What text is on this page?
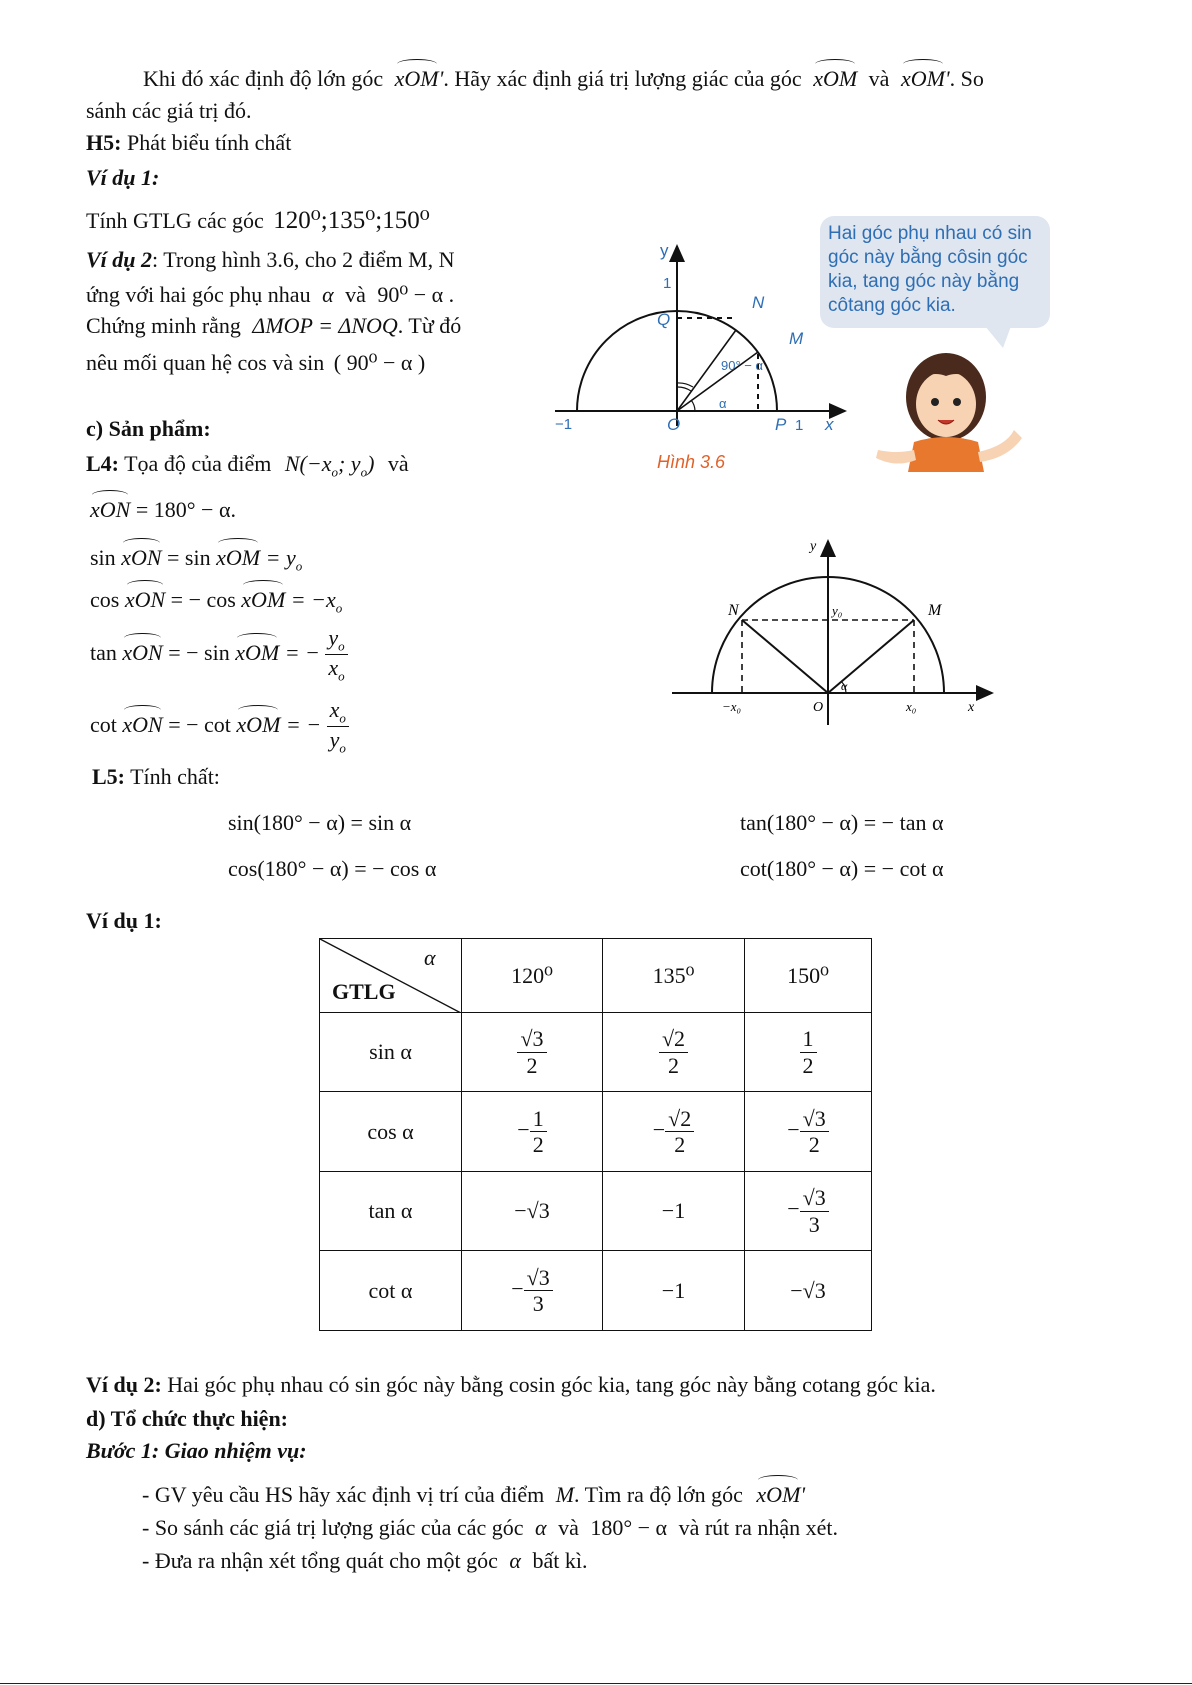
Khi đó xác định độ lớn góc xOM'. Hãy xác định giá trị lượng giác của góc xOM và xOM'. So
sánh các giá trị đó.
H5: Phát biểu tính chất
Ví dụ 1:
Tính GTLG các góc 120⁰;135⁰;150⁰
Ví dụ 2: Trong hình 3.6, cho 2 điểm M, N
ứng với hai góc phụ nhau α và 90⁰ − α .
Chứng minh rằng ΔMOP = ΔNOQ. Từ đó
nêu mối quan hệ cos và sin ( 90⁰ − α )
y
1
Q
N
M
90° − α
α
−1	O	P 1 x
Hình 3.6
Hai góc phụ nhau có sin góc này bằng côsin góc kia, tang góc này bằng côtang góc kia.
c) Sản phẩm:
L4: Tọa độ của điểm $N(-x_o$; $y_o$) và
xON = 180° − α.
sin xON = sin xOM = $y_o$
cos xON = − cos xOM = $-x_o$
tan xON = − sin xOM = − $\frac{y_o}{x_o}$
cot xON = − cot xOM = − $\frac{x_o}{y_o}$
y
N	M
y₀
α
−x₀	O	x₀	x
L5: Tính chất:
sin(180° − α) = sin α
cos(180° − α) = − cos α
tan(180° − α) = − tan α
cot(180° − α) = − cot α
Ví dụ 1:
α
GTLG	120⁰	135⁰	150⁰
sin α	$\frac{√3}{2}$	$\frac{√2}{2}$	$\frac{1}{2}$

cos α	− $\frac{1}{2}$	− $\frac{√2}{2}$	− $\frac{√3}{2}$

tan α	−√3	−1	− $\frac{√3}{3}$

cot α	− $\frac{√3}{3}$	−1	−√3
Ví dụ 2: Hai góc phụ nhau có sin góc này bằng cosin góc kia, tang góc này bằng cotang góc kia.
d) Tổ chức thực hiện:
Bước 1: Giao nhiệm vụ:
- GV yêu cầu HS hãy xác định vị trí của điểm M. Tìm ra độ lớn góc xOM'
- So sánh các giá trị lượng giác của các góc α và 180° − α và rút ra nhận xét.
- Đưa ra nhận xét tổng quát cho một góc α bất kì.
